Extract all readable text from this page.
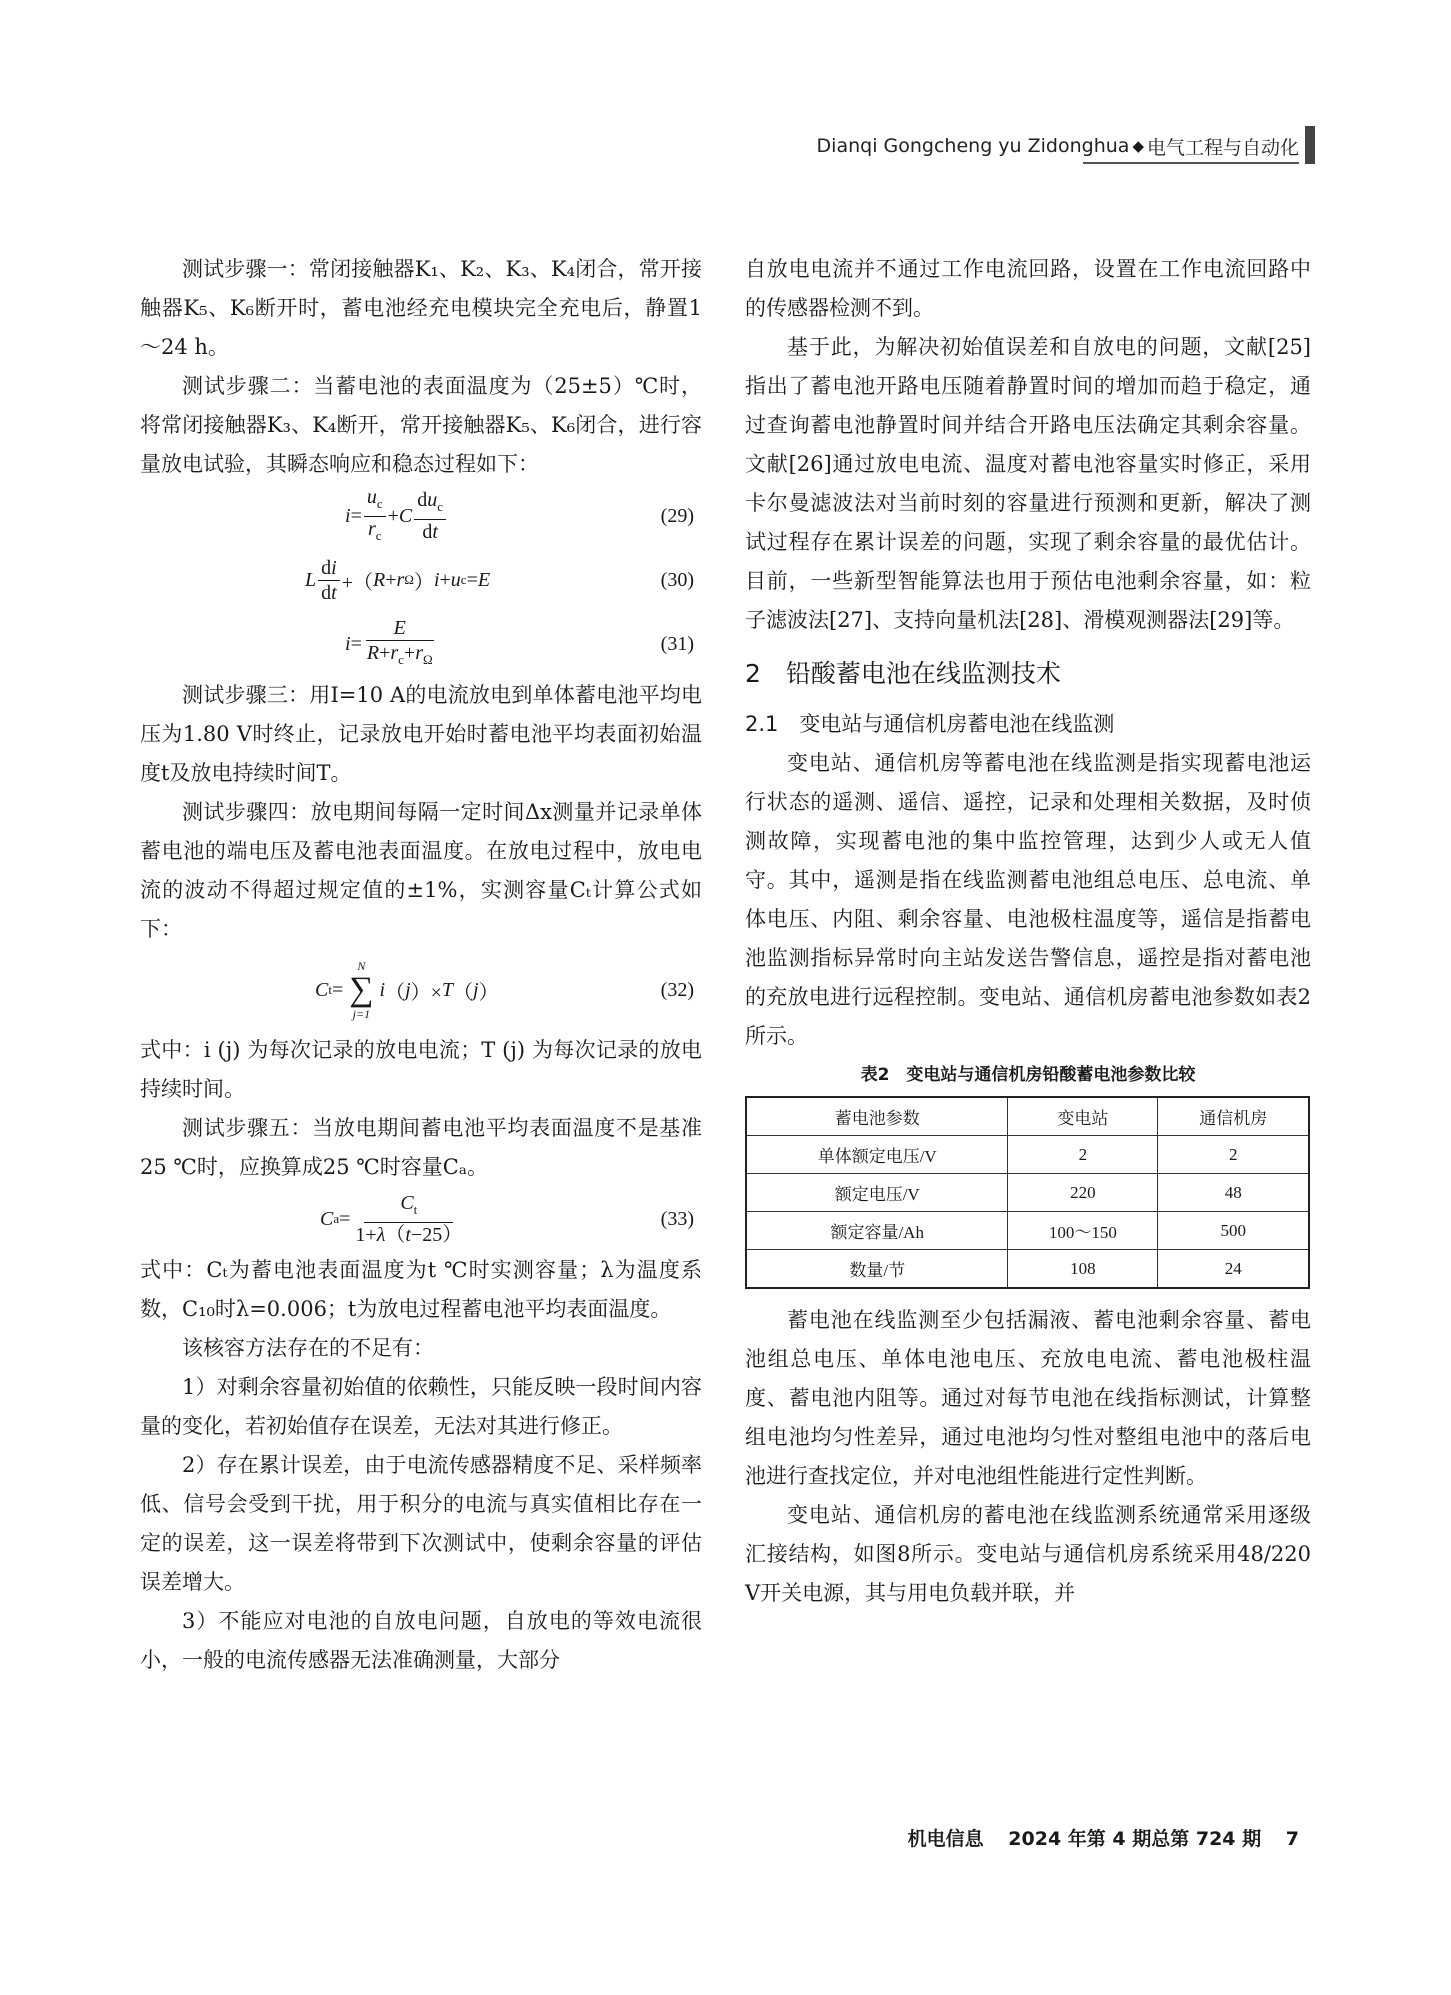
Dianqi Gongcheng yu Zidonghua ◆ 电气工程与自动化

测试步骤一：常闭接触器K₁、K₂、K₃、K₄闭合，常开接触器K₅、K₆断开时，蓄电池经充电模块完全充电后，静置1～24 h。

测试步骤二：当蓄电池的表面温度为（25±5）℃时，将常闭接触器K₃、K₄断开，常开接触器K₅、K₆闭合，进行容量放电试验，其瞬态响应和稳态过程如下：

$i = \frac{u_c}{r_c} + C \frac{du_c}{dt}$	(29)
L $\frac{di}{dt}$ +（ R + r Ω ） i + u c = E	(30)
$i = \frac{E}{R+r_c+r_\Omega}$	(31)

测试步骤三：用I=10 A的电流放电到单体蓄电池平均电压为1.80 V时终止，记录放电开始时蓄电池平均表面初始温度t及放电持续时间T。

测试步骤四：放电期间每隔一定时间Δx测量并记录单体蓄电池的端电压及蓄电池表面温度。在放电过程中，放电电流的波动不得超过规定值的±1%，实测容量Cₜ计算公式如下：

C t =
N
∑
j=1
i （ j ）× T （ j ）	(32)

式中：i (j) 为每次记录的放电电流；T (j) 为每次记录的放电持续时间。

测试步骤五：当放电期间蓄电池平均表面温度不是基准25 ℃时，应换算成25 ℃时容量Cₐ。

C $a = \frac{C_t}{1+\lambda(t-25)}$	(33)

式中：Cₜ为蓄电池表面温度为t ℃时实测容量；λ为温度系数，C₁₀时λ=0.006；t为放电过程蓄电池平均表面温度。

该核容方法存在的不足有：

1）对剩余容量初始值的依赖性，只能反映一段时间内容量的变化，若初始值存在误差，无法对其进行修正。

2）存在累计误差，由于电流传感器精度不足、采样频率低、信号会受到干扰，用于积分的电流与真实值相比存在一定的误差，这一误差将带到下次测试中，使剩余容量的评估误差增大。

3）不能应对电池的自放电问题，自放电的等效电流很小，一般的电流传感器无法准确测量，大部分

自放电电流并不通过工作电流回路，设置在工作电流回路中的传感器检测不到。

基于此，为解决初始值误差和自放电的问题，文献[25]指出了蓄电池开路电压随着静置时间的增加而趋于稳定，通过查询蓄电池静置时间并结合开路电压法确定其剩余容量。文献[26]通过放电电流、温度对蓄电池容量实时修正，采用卡尔曼滤波法对当前时刻的容量进行预测和更新，解决了测试过程存在累计误差的问题，实现了剩余容量的最优估计。目前，一些新型智能算法也用于预估电池剩余容量，如：粒子滤波法[27]、支持向量机法[28]、滑模观测器法[29]等。

2　铅酸蓄电池在线监测技术
2.1　变电站与通信机房蓄电池在线监测

变电站、通信机房等蓄电池在线监测是指实现蓄电池运行状态的遥测、遥信、遥控，记录和处理相关数据，及时侦测故障，实现蓄电池的集中监控管理，达到少人或无人值守。其中，遥测是指在线监测蓄电池组总电压、总电流、单体电压、内阻、剩余容量、电池极柱温度等，遥信是指蓄电池监测指标异常时向主站发送告警信息，遥控是指对蓄电池的充放电进行远程控制。变电站、通信机房蓄电池参数如表2所示。

表2　变电站与通信机房铅酸蓄电池参数比较
蓄电池参数	变电站	通信机房
单体额定电压/V	2	2
额定电压/V	220	48
额定容量/Ah	100～150	500
数量/节	108	24

蓄电池在线监测至少包括漏液、蓄电池剩余容量、蓄电池组总电压、单体电池电压、充放电电流、蓄电池极柱温度、蓄电池内阻等。通过对每节电池在线指标测试，计算整组电池均匀性差异，通过电池均匀性对整组电池中的落后电池进行查找定位，并对电池组性能进行定性判断。

变电站、通信机房的蓄电池在线监测系统通常采用逐级汇接结构，如图8所示。变电站与通信机房系统采用48/220 V开关电源，其与用电负载并联，并

机电信息 2024 年第 4 期总第 724 期 7
